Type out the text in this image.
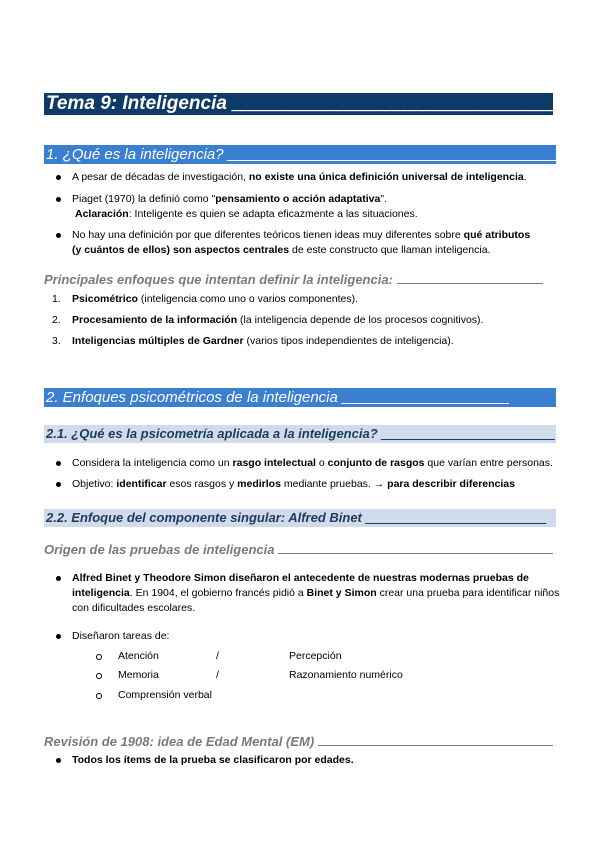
Tema 9: Inteligencia ________________________________________
1. ¿Qué es la inteligencia? ________________________________________
A pesar de décadas de investigación, no existe una única definición universal de inteligencia.
Piaget (1970) la definió como "pensamiento o acción adaptativa".
Aclaración: Inteligente es quien se adapta eficazmente a las situaciones.
No hay una definición por que diferentes teóricos tienen ideas muy diferentes sobre qué atributos
(y cuántos de ellos) son aspectos centrales de este constructo que llaman inteligencia.
Principales enfoques que intentan definir la inteligencia:
1. Psicométrico (inteligencia como uno o varios componentes).
2. Procesamiento de la información (la inteligencia depende de los procesos cognitivos).
3. Inteligencias múltiples de Gardner (varios tipos independientes de inteligencia).
2. Enfoques psicométricos de la inteligencia ____________________
2.1. ¿Qué es la psicometría aplicada a la inteligencia? ________________________
Considera la inteligencia como un rasgo intelectual o conjunto de rasgos que varían entre personas.
Objetivo: identificar esos rasgos y medirlos mediante pruebas. → para describir diferencias
2.2. Enfoque del componente singular: Alfred Binet _________________________
Origen de las pruebas de inteligencia
Alfred Binet y Theodore Simon diseñaron el antecedente de nuestras modernas pruebas de inteligencia. En 1904, el gobierno francés pidió a Binet y Simon crear una prueba para identificar niños con dificultades escolares.
Diseñaron tareas de:
Atención	/	Percepción
Memoria	/	Razonamiento numérico
Comprensión verbal
Revisión de 1908: idea de Edad Mental (EM)
Todos los ítems de la prueba se clasificaron por edades.
